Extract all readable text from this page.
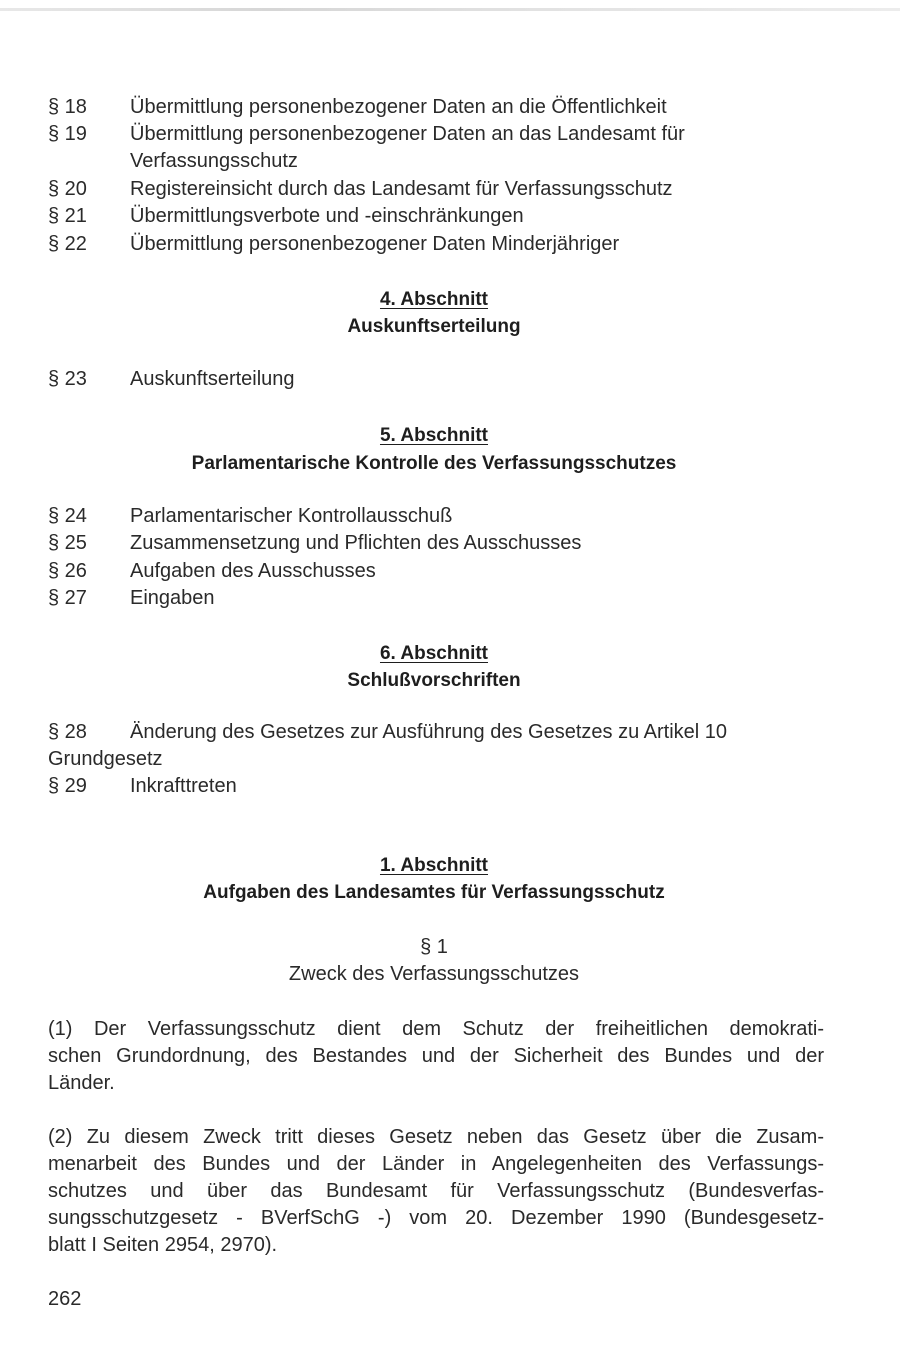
§ 18 Übermittlung personenbezogener Daten an die Öffentlichkeit
§ 19 Übermittlung personenbezogener Daten an das Landesamt für
Verfassungsschutz
§ 20 Registereinsicht durch das Landesamt für Verfassungsschutz
§ 21 Übermittlungsverbote und -einschränkungen
§ 22 Übermittlung personenbezogener Daten Minderjähriger
4. Abschnitt
Auskunftserteilung
§ 23 Auskunftserteilung
5. Abschnitt
Parlamentarische Kontrolle des Verfassungsschutzes
§ 24 Parlamentarischer Kontrollausschuß
§ 25 Zusammensetzung und Pflichten des Ausschusses
§ 26 Aufgaben des Ausschusses
§ 27 Eingaben
6. Abschnitt
Schlußvorschriften
§ 28 Änderung des Gesetzes zur Ausführung des Gesetzes zu Artikel 10
Grundgesetz
§ 29 Inkrafttreten
1. Abschnitt
Aufgaben des Landesamtes für Verfassungsschutz
§ 1
Zweck des Verfassungsschutzes
(1) Der Verfassungsschutz dient dem Schutz der freiheitlichen demokrati-
schen Grundordnung, des Bestandes und der Sicherheit des Bundes und der
Länder.
(2) Zu diesem Zweck tritt dieses Gesetz neben das Gesetz über die Zusam-
menarbeit des Bundes und der Länder in Angelegenheiten des Verfassungs-
schutzes und über das Bundesamt für Verfassungsschutz (Bundesverfas-
sungsschutzgesetz - BVerfSchG -) vom 20. Dezember 1990 (Bundesgesetz-
blatt I Seiten 2954, 2970).
262
